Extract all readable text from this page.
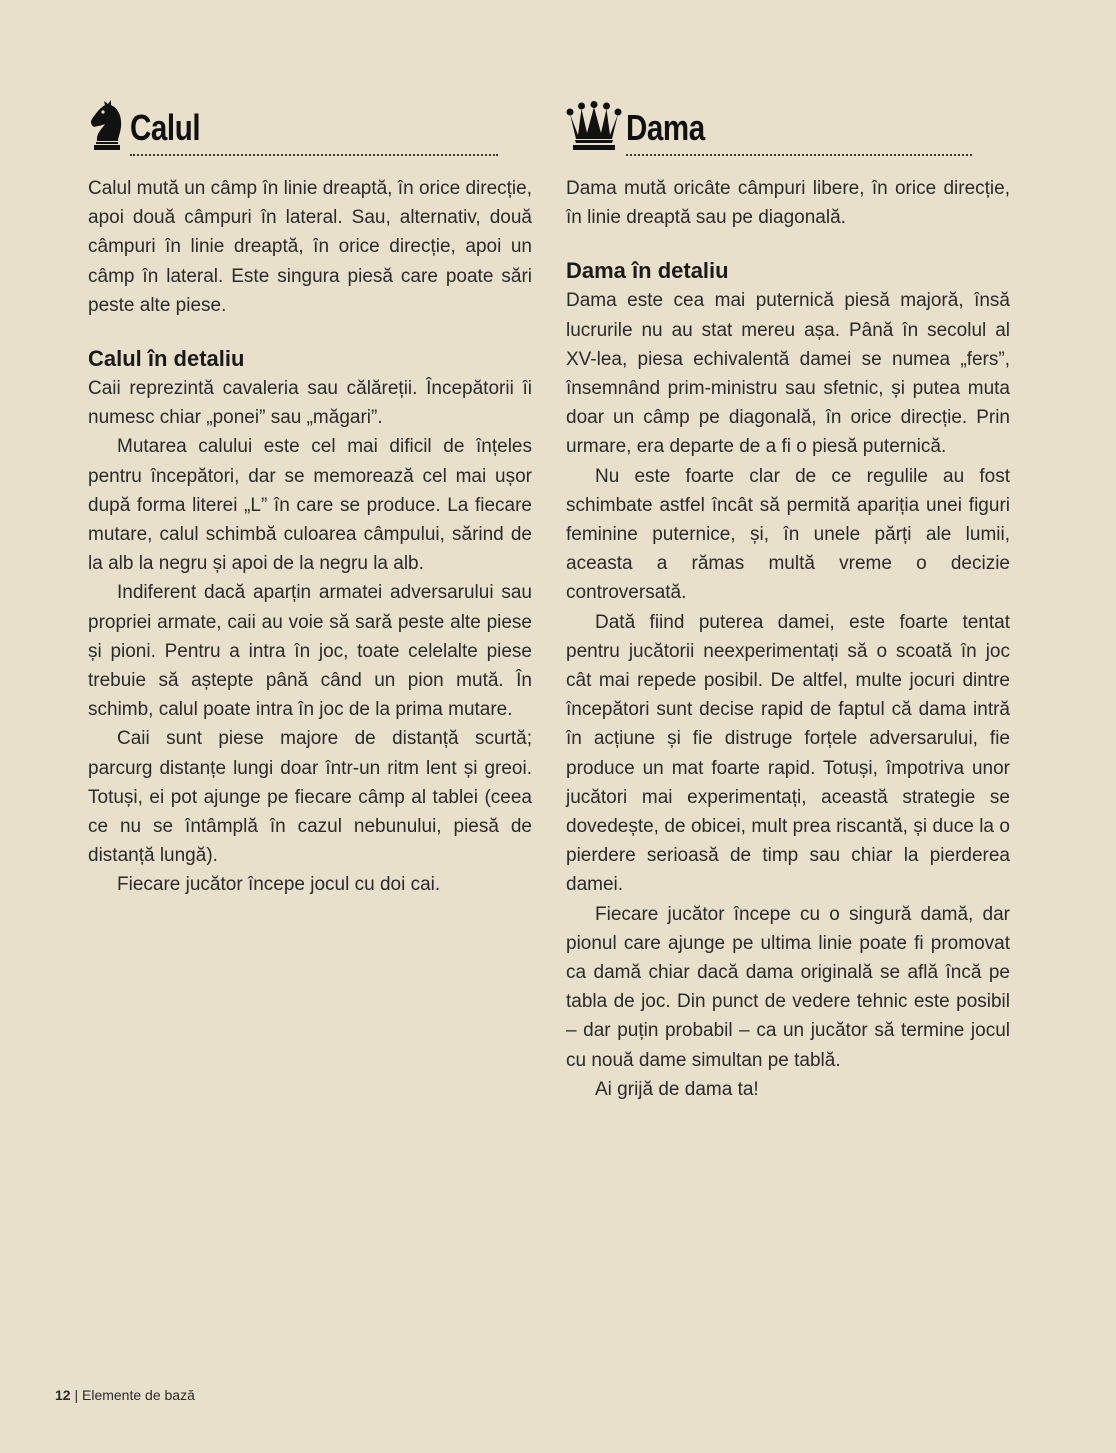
Calul

Calul mută un câmp în linie dreaptă, în orice direcție, apoi două câmpuri în lateral. Sau, alternativ, două câmpuri în linie dreaptă, în orice direcție, apoi un câmp în lateral. Este singura piesă care poate sări peste alte piese.

Calul în detaliu

Caii reprezintă cavaleria sau călăreții. Începătorii îi numesc chiar „ponei” sau „măgari”.

Mutarea calului este cel mai dificil de înțeles pentru începători, dar se memorează cel mai ușor după forma literei „L” în care se produce. La fiecare mutare, calul schimbă culoarea câmpului, sărind de la alb la negru și apoi de la negru la alb.

Indiferent dacă aparțin armatei adversarului sau propriei armate, caii au voie să sară peste alte piese și pioni. Pentru a intra în joc, toate celelalte piese trebuie să aștepte până când un pion mută. În schimb, calul poate intra în joc de la prima mutare.

Caii sunt piese majore de distanță scurtă; parcurg distanțe lungi doar într-un ritm lent și greoi. Totuși, ei pot ajunge pe fiecare câmp al tablei (ceea ce nu se întâmplă în cazul nebunului, piesă de distanță lungă).

Fiecare jucător începe jocul cu doi cai.

Dama

Dama mută oricâte câmpuri libere, în orice direcție, în linie dreaptă sau pe diagonală.

Dama în detaliu

Dama este cea mai puternică piesă majoră, însă lucrurile nu au stat mereu așa. Până în secolul al XV-lea, piesa echivalentă damei se numea „fers”, însemnând prim-ministru sau sfetnic, și putea muta doar un câmp pe diagonală, în orice direcție. Prin urmare, era departe de a fi o piesă puternică.

Nu este foarte clar de ce regulile au fost schimbate astfel încât să permită apariția unei figuri feminine puternice, și, în unele părți ale lumii, aceasta a rămas multă vreme o decizie controversată.

Dată fiind puterea damei, este foarte tentat pentru jucătorii neexperimentați să o scoată în joc cât mai repede posibil. De altfel, multe jocuri dintre începători sunt decise rapid de faptul că dama intră în acțiune și fie distruge forțele adversarului, fie produce un mat foarte rapid. Totuși, împotriva unor jucători mai experimentați, această strategie se dovedește, de obicei, mult prea riscantă, și duce la o pierdere serioasă de timp sau chiar la pierderea damei.

Fiecare jucător începe cu o singură damă, dar pionul care ajunge pe ultima linie poate fi promovat ca damă chiar dacă dama originală se află încă pe tabla de joc. Din punct de vedere tehnic este posibil – dar puțin probabil – ca un jucător să termine jocul cu nouă dame simultan pe tablă.

Ai grijă de dama ta!

12 | Elemente de bază
